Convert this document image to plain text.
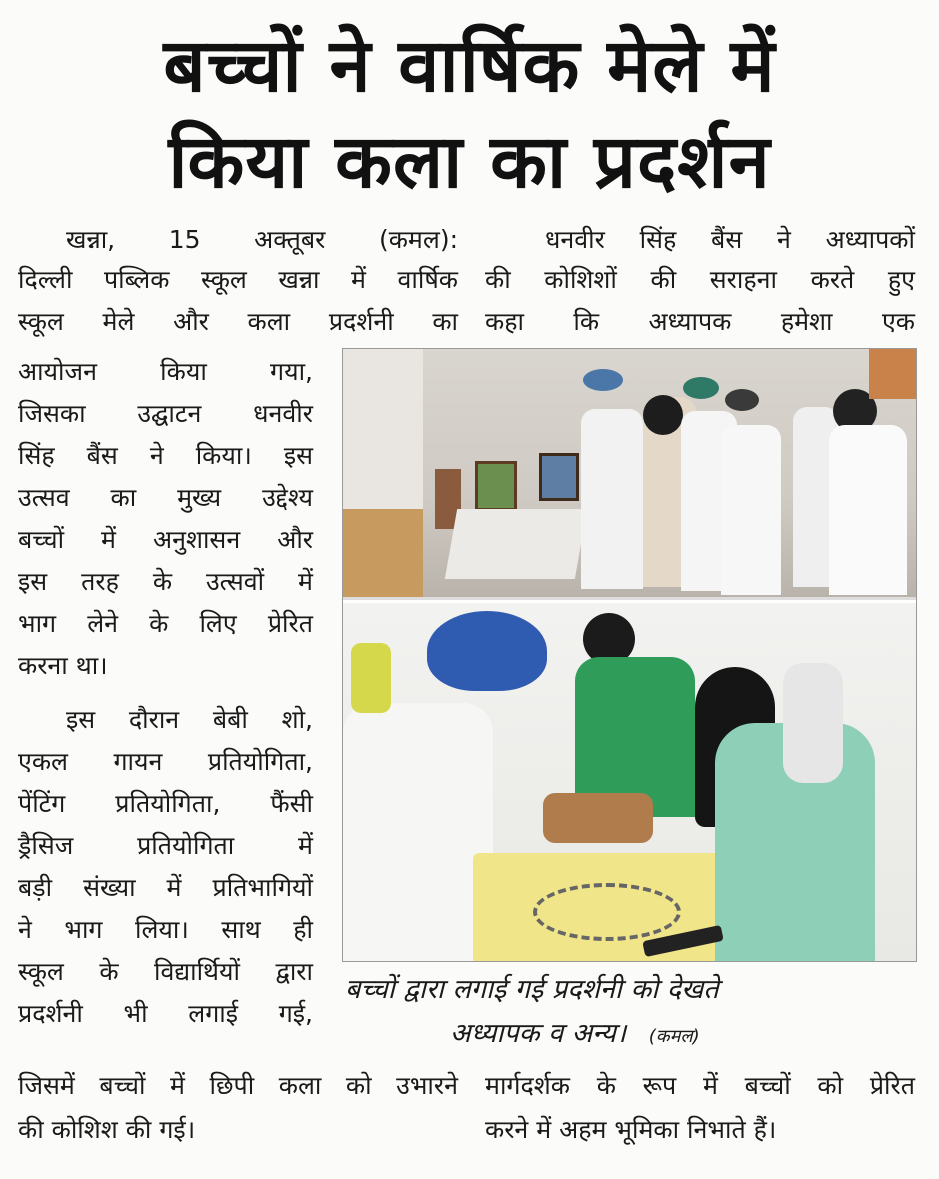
बच्चों ने वार्षिक मेले में
किया कला का प्रदर्शन
खन्ना, 15 अक्तूबर (कमल):
दिल्ली पब्लिक स्कूल खन्ना में वार्षिक
स्कूल मेले और कला प्रदर्शनी का
आयोजन किया गया,
जिसका उद्घाटन धनवीर
सिंह बैंस ने किया। इस
उत्सव का मुख्य उद्देश्य
बच्चों में अनुशासन और
इस तरह के उत्सवों में
भाग लेने के लिए प्रेरित
करना था।
इस दौरान बेबी शो,
एकल गायन प्रतियोगिता,
पेंटिंग प्रतियोगिता, फैंसी
ड्रैसिज प्रतियोगिता में
बड़ी संख्या में प्रतिभागियों
ने भाग लिया। साथ ही
स्कूल के विद्यार्थियों द्वारा
प्रदर्शनी भी लगाई गई,
जिसमें बच्चों में छिपी कला को उभारने
की कोशिश की गई।
धनवीर सिंह बैंस ने अध्यापकों
की कोशिशों की सराहना करते हुए
कहा कि अध्यापक हमेशा एक
मार्गदर्शक के रूप में बच्चों को प्रेरित
करने में अहम भूमिका निभाते हैं।
बच्चों द्वारा लगाई गई प्रदर्शनी को देखते
अध्यापक व अन्य। (कमल)
